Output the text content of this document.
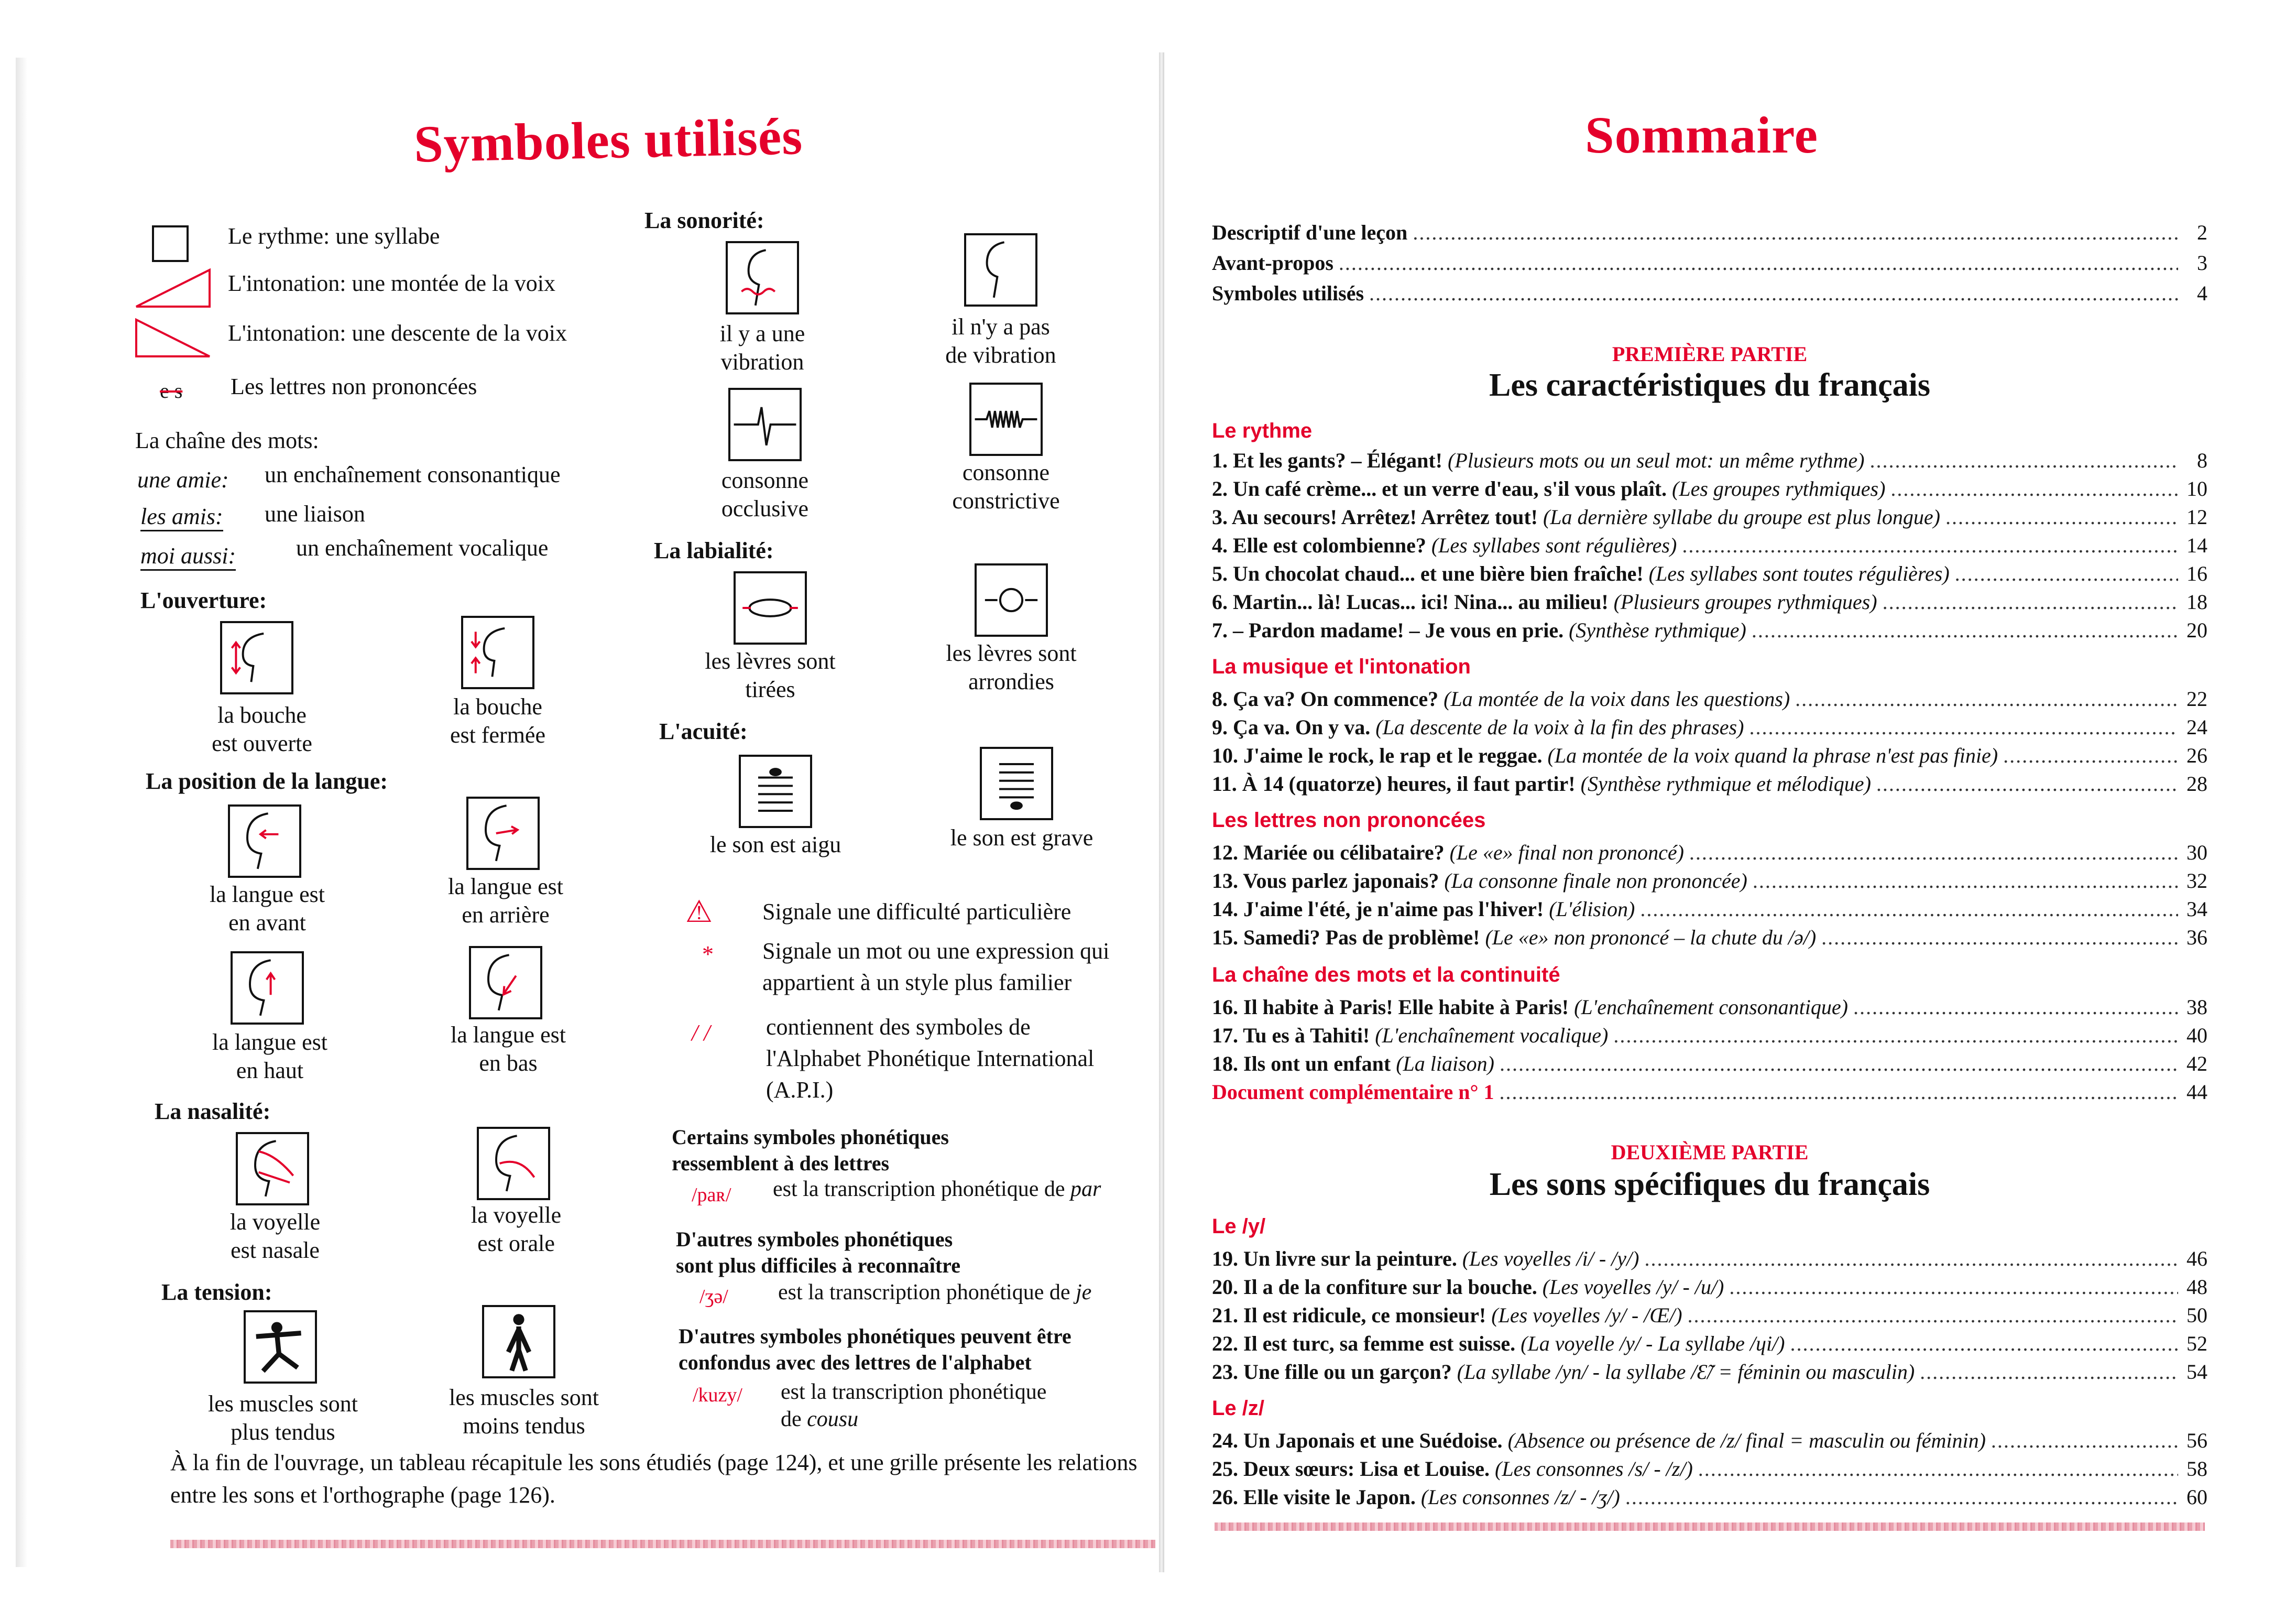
Symboles utilisés
Le rythme: une syllabe
L'intonation: une montée de la voix
L'intonation: une descente de la voix
e s Les lettres non prononcées
La chaîne des mots:
une amie: un enchaînement consonantique
les amis: une liaison
moi aussi:	un enchaînement vocalique
L'ouverture:
la bouche
est ouverte
la bouche
est fermée
La position de la langue:
la langue est
en avant
la langue est
en arrière
la langue est
en haut
la langue est
en bas
La nasalité:
la voyelle
est nasale
la voyelle
est orale
La tension:
les muscles sont
plus tendus
les muscles sont
moins tendus
La sonorité:
il y a une
vibration
il n'y a pas
de vibration
consonne
occlusive
consonne
constrictive
La labialité:
les lèvres sont
tirées
les lèvres sont
arrondies
L'acuité:
le son est aigu	le son est grave
⚠ Signale une difficulté particulière
* Signale un mot ou une expression qui
appartient à un style plus familier
/ / contiennent des symboles de
l'Alphabet Phonétique International
(A.P.I.)
Certains symboles phonétiques
ressemblent à des lettres
/paʀ/ est la transcription phonétique de par
D'autres symboles phonétiques
sont plus difficiles à reconnaître
/ʒə/ est la transcription phonétique de je
D'autres symboles phonétiques peuvent être
confondus avec des lettres de l'alphabet
/kuzy/ est la transcription phonétique
de cousu
À la fin de l'ouvrage, un tableau récapitule les sons étudiés (page 124), et une grille présente les relations entre les sons et l'orthographe (page 126).
Sommaire
Descriptif d'une leçon .....	2
Avant-propos .....	3
Symboles utilisés .....	4
PREMIÈRE PARTIE
Les caractéristiques du français
Le rythme
1. Et les gants? – Élégant! (Plusieurs mots ou un seul mot: un même rythme) .....	8
2. Un café crème... et un verre d'eau, s'il vous plaît. (Les groupes rythmiques) .....	10
3. Au secours! Arrêtez! Arrêtez tout! (La dernière syllabe du groupe est plus longue) .....	12
4. Elle est colombienne? (Les syllabes sont régulières) .....	14
5. Un chocolat chaud... et une bière bien fraîche! (Les syllabes sont toutes régulières) .....	16
6. Martin... là! Lucas... ici! Nina... au milieu! (Plusieurs groupes rythmiques) .....	18
7. – Pardon madame! – Je vous en prie. (Synthèse rythmique) .....	20
La musique et l'intonation
8. Ça va? On commence? (La montée de la voix dans les questions) .....	22
9. Ça va. On y va. (La descente de la voix à la fin des phrases) .....	24
10. J'aime le rock, le rap et le reggae. (La montée de la voix quand la phrase n'est pas finie) .....	26
11. À 14 (quatorze) heures, il faut partir! (Synthèse rythmique et mélodique) .....	28
Les lettres non prononcées
12. Mariée ou célibataire? (Le «e» final non prononcé) .....	30
13. Vous parlez japonais? (La consonne finale non prononcée) .....	32
14. J'aime l'été, je n'aime pas l'hiver! (L'élision) .....	34
15. Samedi? Pas de problème! (Le «e» non prononcé – la chute du /ə/) .....	36
La chaîne des mots et la continuité
16. Il habite à Paris! Elle habite à Paris! (L'enchaînement consonantique) .....	38
17. Tu es à Tahiti! (L'enchaînement vocalique) .....	40
18. Ils ont un enfant (La liaison) .....	42
Document complémentaire n° 1 .....	44
DEUXIÈME PARTIE
Les sons spécifiques du français
Le /y/
19. Un livre sur la peinture. (Les voyelles /i/ - /y/) .....	46
20. Il a de la confiture sur la bouche. (Les voyelles /y/ - /u/) .....	48
21. Il est ridicule, ce monsieur! (Les voyelles /y/ - /Œ/) .....	50
22. Il est turc, sa femme est suisse. (La voyelle /y/ - La syllabe /ɥi/) .....	52
23. Une fille ou un garçon? (La syllabe /yn/ - la syllabe /Ɛ̃/ = féminin ou masculin) .....	54
Le /z/
24. Un Japonais et une Suédoise. (Absence ou présence de /z/ final = masculin ou féminin) .....	56
25. Deux sœurs: Lisa et Louise. (Les consonnes /s/ - /z/) .....	58
26. Elle visite le Japon. (Les consonnes /z/ - /ʒ/) .....	60
